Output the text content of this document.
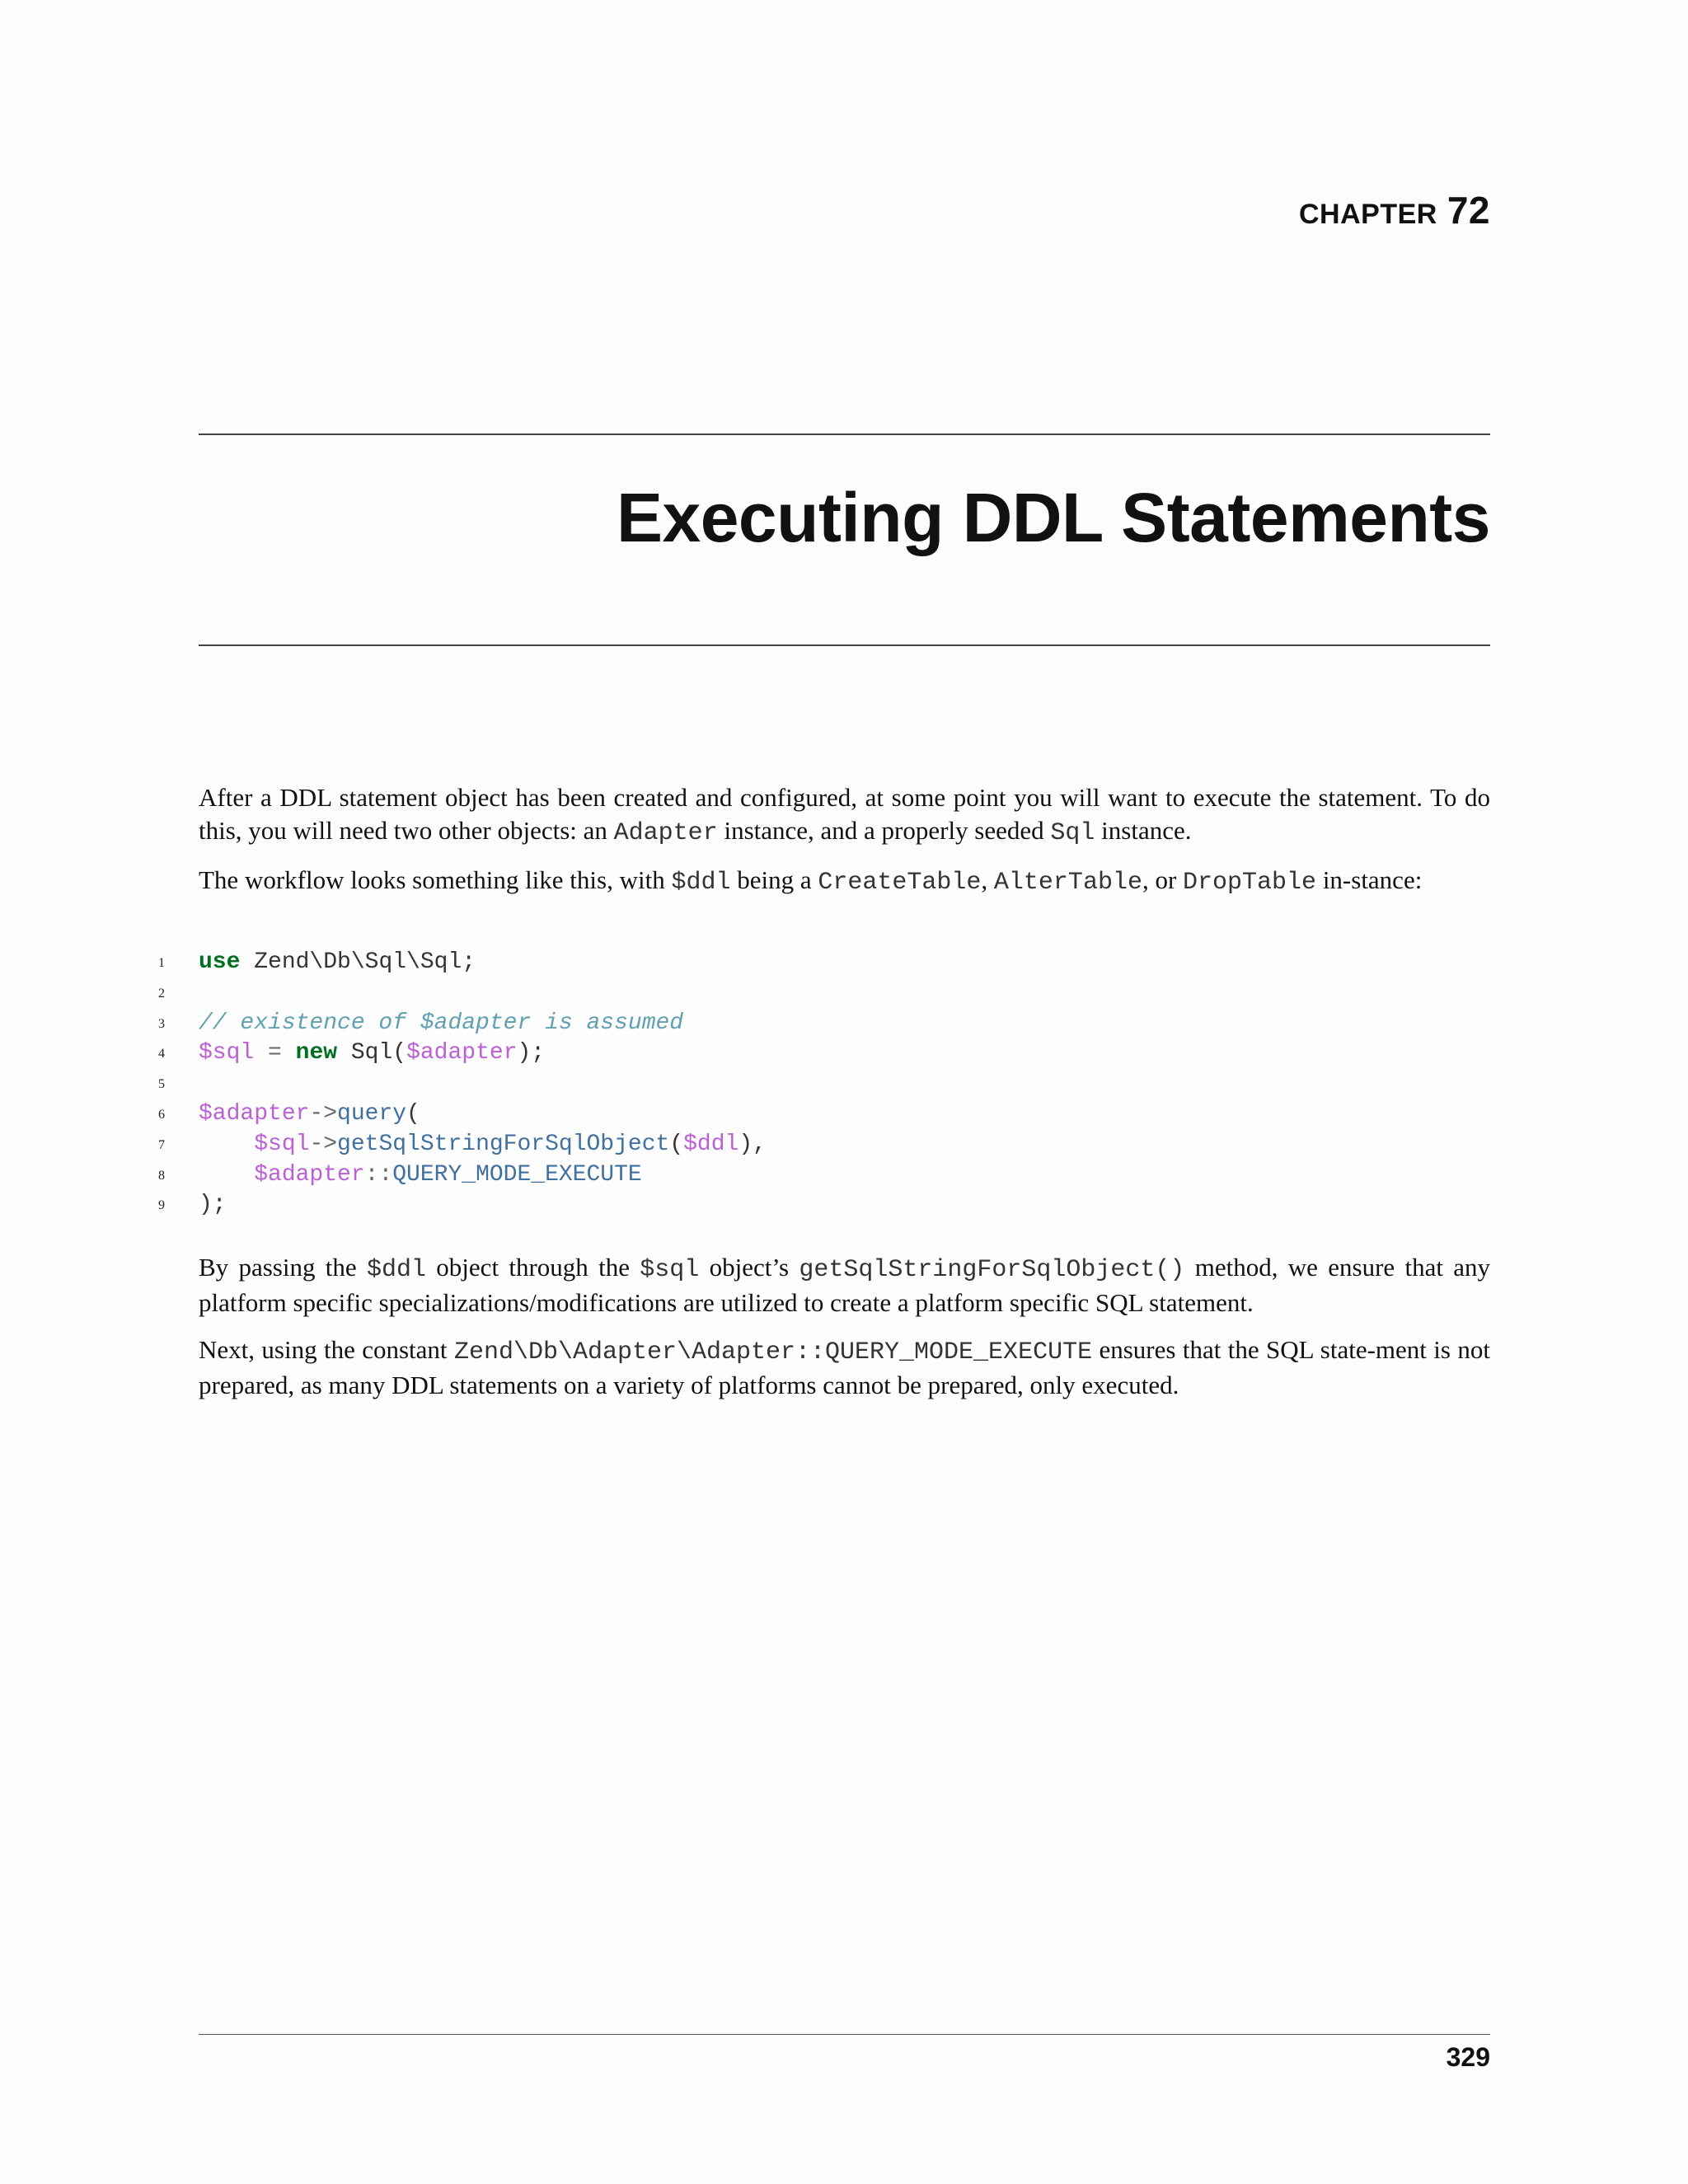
CHAPTER 72
Executing DDL Statements

After a DDL statement object has been created and configured, at some point you will want to execute the statement. To do this, you will need two other objects: an Adapter instance, and a properly seeded Sql instance.

The workflow looks something like this, with $ddl being a CreateTable, AlterTable, or DropTable in-stance:

1 use Zend\Db\Sql\Sql;
2
3 // existence of $adapter is assumed
4 $sql = new Sql($adapter);
5
6 $adapter->query(
7	$sql->getSqlStringForSqlObject($ddl),
8	$adapter::QUERY_MODE_EXECUTE
9 );

By passing the $ddl object through the $sql object’s getSqlStringForSqlObject() method, we ensure that any platform specific specializations/modifications are utilized to create a platform specific SQL statement.

Next, using the constant Zend\Db\Adapter\Adapter::QUERY_MODE_EXECUTE ensures that the SQL state-ment is not prepared, as many DDL statements on a variety of platforms cannot be prepared, only executed.

329
